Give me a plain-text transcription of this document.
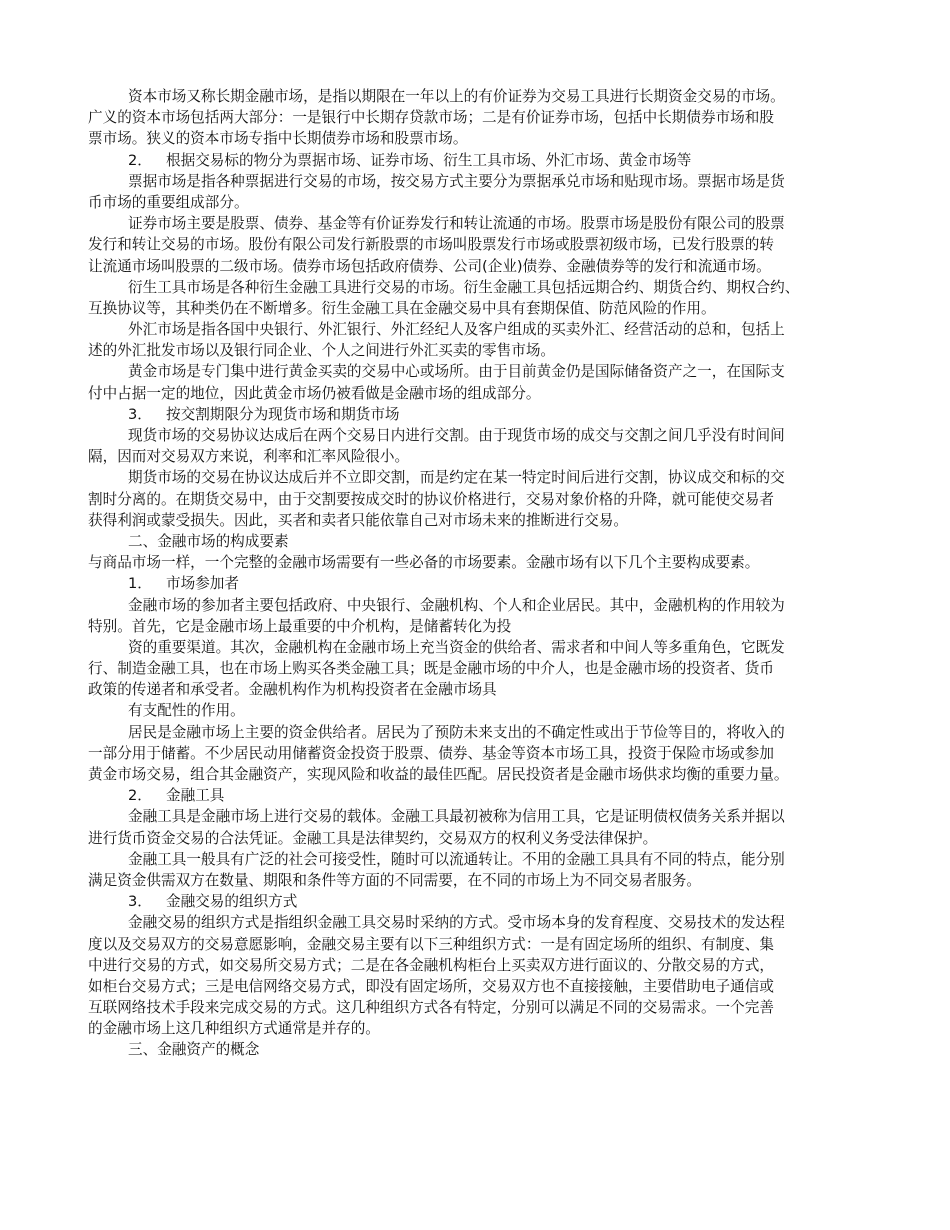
资本市场又称长期金融市场，是指以期限在一年以上的有价证券为交易工具进行长期资金交易的市场。
广义的资本市场包括两大部分：一是银行中长期存贷款市场；二是有价证券市场，包括中长期债券市场和股
票市场。狭义的资本市场专指中长期债券市场和股票市场。
2． 根据交易标的物分为票据市场、证券市场、衍生工具市场、外汇市场、黄金市场等
票据市场是指各种票据进行交易的市场，按交易方式主要分为票据承兑市场和贴现市场。票据市场是货
币市场的重要组成部分。
证券市场主要是股票、债券、基金等有价证券发行和转让流通的市场。股票市场是股份有限公司的股票
发行和转让交易的市场。股份有限公司发行新股票的市场叫股票发行市场或股票初级市场，已发行股票的转
让流通市场叫股票的二级市场。债券市场包括政府债券、公司(企业)债券、金融债券等的发行和流通市场。
衍生工具市场是各种衍生金融工具进行交易的市场。衍生金融工具包括远期合约、期货合约、期权合约、
互换协议等，其种类仍在不断增多。衍生金融工具在金融交易中具有套期保值、防范风险的作用。
外汇市场是指各国中央银行、外汇银行、外汇经纪人及客户组成的买卖外汇、经营活动的总和，包括上
述的外汇批发市场以及银行同企业、个人之间进行外汇买卖的零售市场。
黄金市场是专门集中进行黄金买卖的交易中心或场所。由于目前黄金仍是国际储备资产之一，在国际支
付中占据一定的地位，因此黄金市场仍被看做是金融市场的组成部分。
3． 按交割期限分为现货市场和期货市场
现货市场的交易协议达成后在两个交易日内进行交割。由于现货市场的成交与交割之间几乎没有时间间
隔，因而对交易双方来说，利率和汇率风险很小。
期货市场的交易在协议达成后并不立即交割，而是约定在某一特定时间后进行交割，协议成交和标的交
割时分离的。在期货交易中，由于交割要按成交时的协议价格进行，交易对象价格的升降，就可能使交易者
获得利润或蒙受损失。因此，买者和卖者只能依靠自己对市场未来的推断进行交易。
二、金融市场的构成要素
与商品市场一样，一个完整的金融市场需要有一些必备的市场要素。金融市场有以下几个主要构成要素。
1． 市场参加者
金融市场的参加者主要包括政府、中央银行、金融机构、个人和企业居民。其中，金融机构的作用较为
特别。首先，它是金融市场上最重要的中介机构，是储蓄转化为投
资的重要渠道。其次，金融机构在金融市场上充当资金的供给者、需求者和中间人等多重角色，它既发
行、制造金融工具，也在市场上购买各类金融工具；既是金融市场的中介人，也是金融市场的投资者、货币
政策的传递者和承受者。金融机构作为机构投资者在金融市场具
有支配性的作用。
居民是金融市场上主要的资金供给者。居民为了预防未来支出的不确定性或出于节俭等目的，将收入的
一部分用于储蓄。不少居民动用储蓄资金投资于股票、债券、基金等资本市场工具，投资于保险市场或参加
黄金市场交易，组合其金融资产，实现风险和收益的最佳匹配。居民投资者是金融市场供求均衡的重要力量。
2． 金融工具
金融工具是金融市场上进行交易的载体。金融工具最初被称为信用工具，它是证明债权债务关系并据以
进行货币资金交易的合法凭证。金融工具是法律契约，交易双方的权利义务受法律保护。
金融工具一般具有广泛的社会可接受性，随时可以流通转让。不用的金融工具具有不同的特点，能分别
满足资金供需双方在数量、期限和条件等方面的不同需要，在不同的市场上为不同交易者服务。
3． 金融交易的组织方式
金融交易的组织方式是指组织金融工具交易时采纳的方式。受市场本身的发育程度、交易技术的发达程
度以及交易双方的交易意愿影响，金融交易主要有以下三种组织方式：一是有固定场所的组织、有制度、集
中进行交易的方式，如交易所交易方式；二是在各金融机构柜台上买卖双方进行面议的、分散交易的方式，
如柜台交易方式；三是电信网络交易方式，即没有固定场所，交易双方也不直接接触，主要借助电子通信或
互联网络技术手段来完成交易的方式。这几种组织方式各有特定，分别可以满足不同的交易需求。一个完善
的金融市场上这几种组织方式通常是并存的。
三、金融资产的概念
